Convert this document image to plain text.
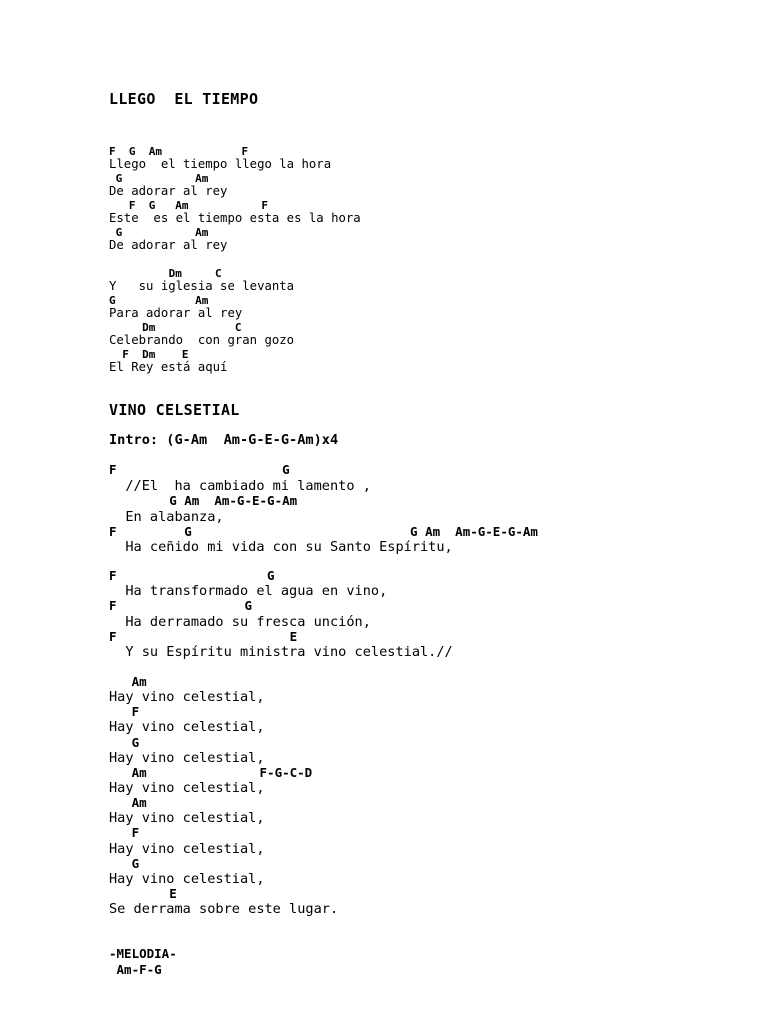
LLEGO  EL TIEMPO
F  G  Am            F
Llego  el tiempo llego la hora
G           Am
De adorar al rey
F  G   Am           F
Este  es el tiempo esta es la hora
G           Am
De adorar al rey
Dm     C
Y   su iglesia se levanta
G            Am
Para adorar al rey
Dm            C
Celebrando  con gran gozo
F  Dm    E
El Rey está aquí
VINO CELSETIAL
Intro: (G-Am  Am-G-E-G-Am)x4
F                      G
//El  ha cambiado mi lamento ,
G Am  Am-G-E-G-Am
En alabanza,
F         G                             G Am  Am-G-E-G-Am
Ha ceñido mi vida con su Santo Espíritu,
F                    G
Ha transformado el agua en vino,
F                 G
Ha derramado su fresca unción,
F                       E
Y su Espíritu ministra vino celestial.//
Am
Hay vino celestial,
F
Hay vino celestial,
G
Hay vino celestial,
Am               F-G-C-D
Hay vino celestial,
Am
Hay vino celestial,
F
Hay vino celestial,
G
Hay vino celestial,
E
Se derrama sobre este lugar.
-MELODIA-
Am-F-G
